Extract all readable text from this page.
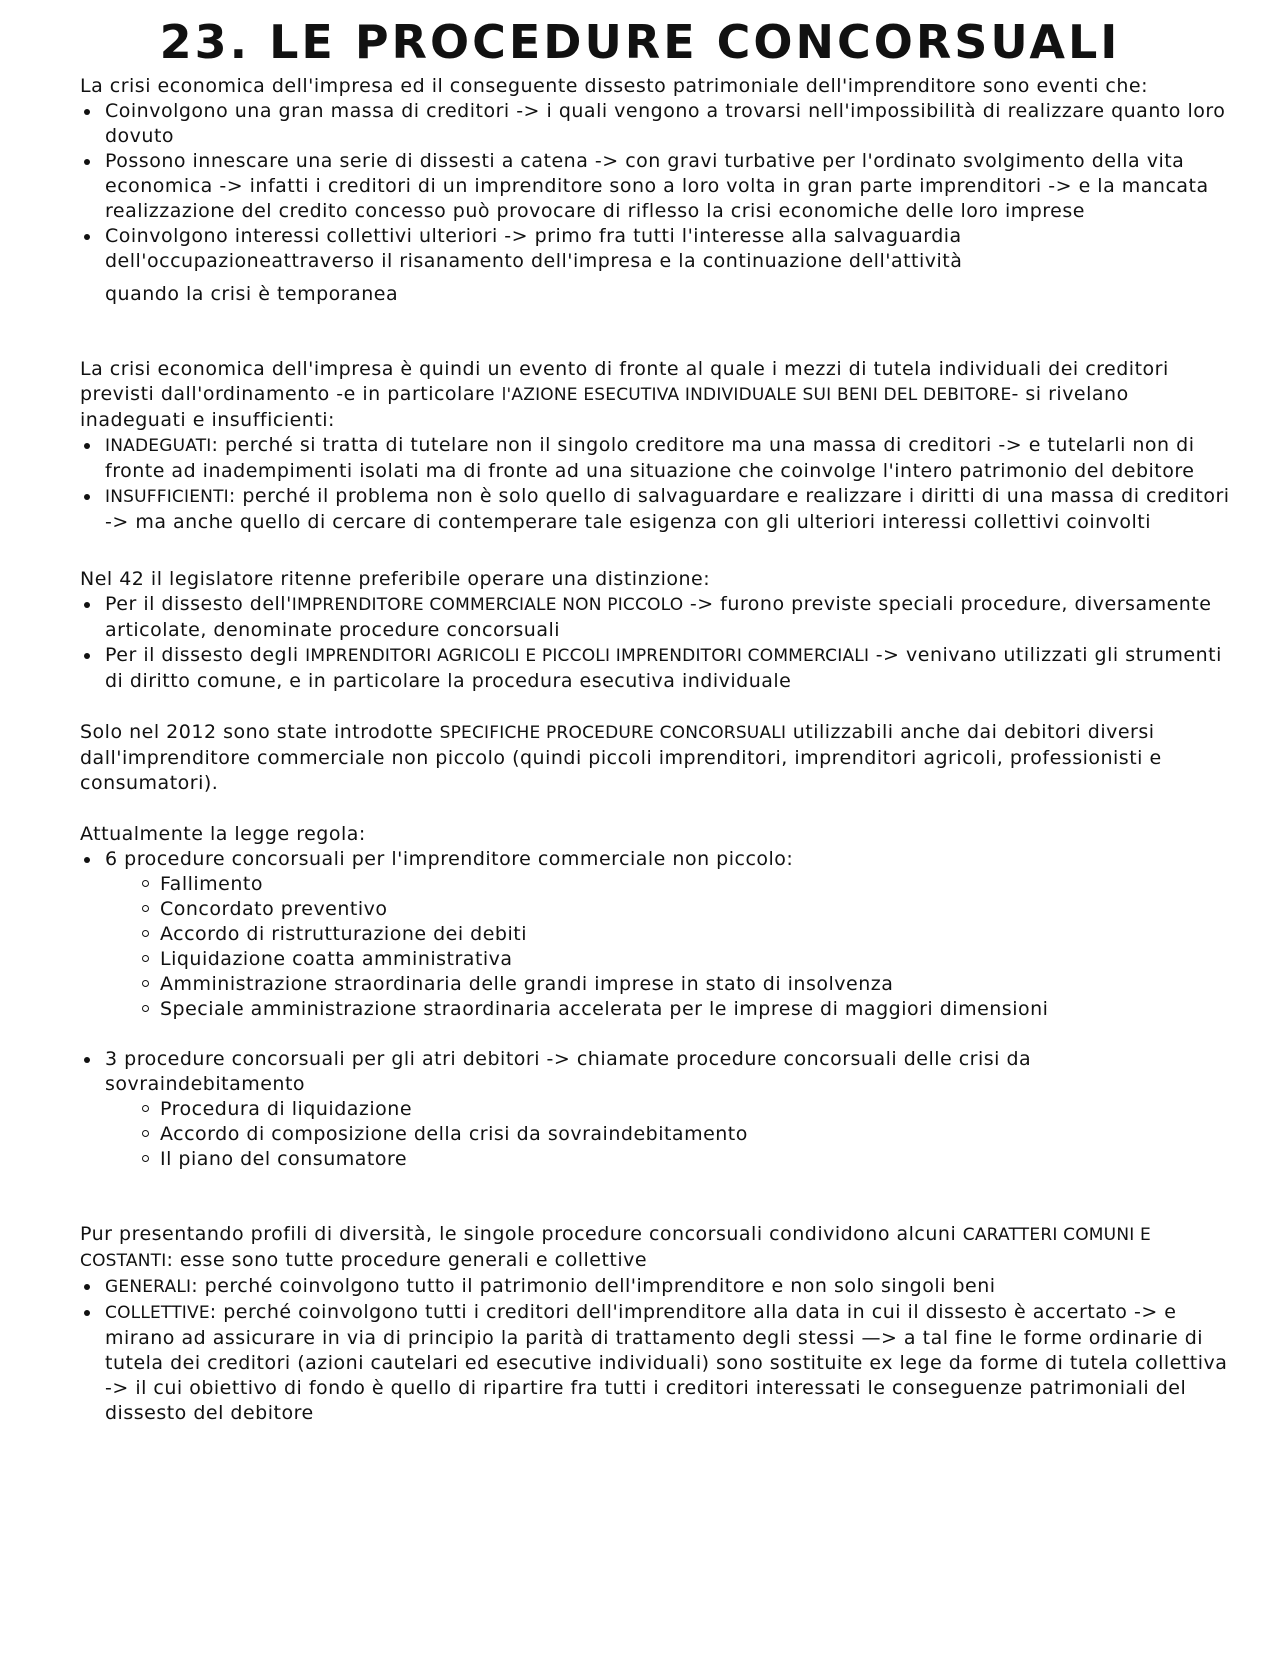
23. LE PROCEDURE CONCORSUALI

La crisi economica dell'impresa ed il conseguente dissesto patrimoniale dell'imprenditore sono eventi che:

Coinvolgono una gran massa di creditori -> i quali vengono a trovarsi nell'impossibilità di realizzare quanto loro dovuto
Possono innescare una serie di dissesti a catena -> con gravi turbative per l'ordinato svolgimento della vita economica -> infatti i creditori di un imprenditore sono a loro volta in gran parte imprenditori -> e la mancata realizzazione del credito concesso può provocare di riflesso la crisi economiche delle loro imprese
Coinvolgono interessi collettivi ulteriori -> primo fra tutti l'interesse alla salvaguardia dell'occupazioneattraverso il risanamento dell'impresa e la continuazione dell'attività

quando la crisi è temporanea

La crisi economica dell'impresa è quindi un evento di fronte al quale i mezzi di tutela individuali dei creditori previsti dall'ordinamento -e in particolare l'AZIONE ESECUTIVA INDIVIDUALE SUI BENI DEL DEBITORE- si rivelano inadeguati e insufficienti:

INADEGUATI: perché si tratta di tutelare non il singolo creditore ma una massa di creditori -> e tutelarli non di fronte ad inadempimenti isolati ma di fronte ad una situazione che coinvolge l'intero patrimonio del debitore
INSUFFICIENTI: perché il problema non è solo quello di salvaguardare e realizzare i diritti di una massa di creditori -> ma anche quello di cercare di contemperare tale esigenza con gli ulteriori interessi collettivi coinvolti

Nel 42 il legislatore ritenne preferibile operare una distinzione:

Per il dissesto dell'IMPRENDITORE COMMERCIALE NON PICCOLO -> furono previste speciali procedure, diversamente articolate, denominate procedure concorsuali
Per il dissesto degli IMPRENDITORI AGRICOLI E PICCOLI IMPRENDITORI COMMERCIALI -> venivano utilizzati gli strumenti di diritto comune, e in particolare la procedura esecutiva individuale

Solo nel 2012 sono state introdotte SPECIFICHE PROCEDURE CONCORSUALI utilizzabili anche dai debitori diversi dall'imprenditore commerciale non piccolo (quindi piccoli imprenditori, imprenditori agricoli, professionisti e consumatori).

Attualmente la legge regola:

6 procedure concorsuali per l'imprenditore commerciale non piccolo:
Fallimento
Concordato preventivo
Accordo di ristrutturazione dei debiti
Liquidazione coatta amministrativa
Amministrazione straordinaria delle grandi imprese in stato di insolvenza
Speciale amministrazione straordinaria accelerata per le imprese di maggiori dimensioni
3 procedure concorsuali per gli atri debitori -> chiamate procedure concorsuali delle crisi da sovraindebitamento
Procedura di liquidazione
Accordo di composizione della crisi da sovraindebitamento
Il piano del consumatore

Pur presentando profili di diversità, le singole procedure concorsuali condividono alcuni CARATTERI COMUNI E COSTANTI: esse sono tutte procedure generali e collettive

GENERALI: perché coinvolgono tutto il patrimonio dell'imprenditore e non solo singoli beni
COLLETTIVE: perché coinvolgono tutti i creditori dell'imprenditore alla data in cui il dissesto è accertato -> e mirano ad assicurare in via di principio la parità di trattamento degli stessi —> a tal fine le forme ordinarie di tutela dei creditori (azioni cautelari ed esecutive individuali) sono sostituite ex lege da forme di tutela collettiva -> il cui obiettivo di fondo è quello di ripartire fra tutti i creditori interessati le conseguenze patrimoniali del dissesto del debitore
